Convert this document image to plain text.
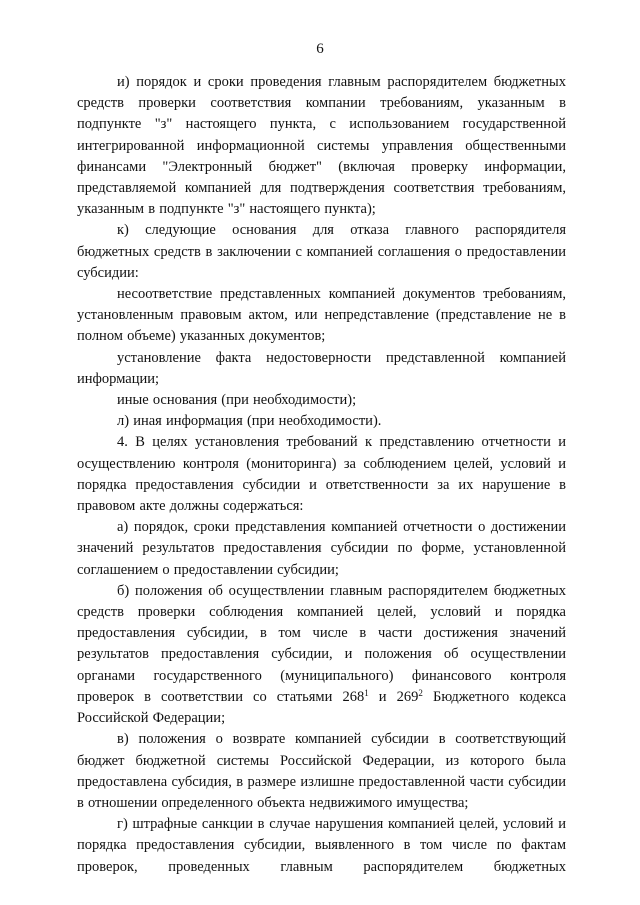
6

и) порядок и сроки проведения главным распорядителем бюджетных средств проверки соответствия компании требованиям, указанным в подпункте "з" настоящего пункта, с использованием государственной интегрированной информационной системы управления общественными финансами "Электронный бюджет" (включая проверку информации, представляемой компанией для подтверждения соответствия требованиям, указанным в подпункте "з" настоящего пункта);

к) следующие основания для отказа главного распорядителя бюджетных средств в заключении с компанией соглашения о предоставлении субсидии:

несоответствие представленных компанией документов требованиям, установленным правовым актом, или непредставление (представление не в полном объеме) указанных документов;

установление факта недостоверности представленной компанией информации;

иные основания (при необходимости);

л) иная информация (при необходимости).

4. В целях установления требований к представлению отчетности и осуществлению контроля (мониторинга) за соблюдением целей, условий и порядка предоставления субсидии и ответственности за их нарушение в правовом акте должны содержаться:

а) порядок, сроки представления компанией отчетности о достижении значений результатов предоставления субсидии по форме, установленной соглашением о предоставлении субсидии;

б) положения об осуществлении главным распорядителем бюджетных средств проверки соблюдения компанией целей, условий и порядка предоставления субсидии, в том числе в части достижения значений результатов предоставления субсидии, и положения об осуществлении органами государственного (муниципального) финансового контроля проверок в соответствии со статьями $268^1$ и $269^2$ Бюджетного кодекса Российской Федерации;

в) положения о возврате компанией субсидии в соответствующий бюджет бюджетной системы Российской Федерации, из которого была предоставлена субсидия, в размере излишне предоставленной части субсидии в отношении определенного объекта недвижимого имущества;

г) штрафные санкции в случае нарушения компанией целей, условий и порядка предоставления субсидии, выявленного в том числе по фактам проверок, проведенных главным распорядителем бюджетных
